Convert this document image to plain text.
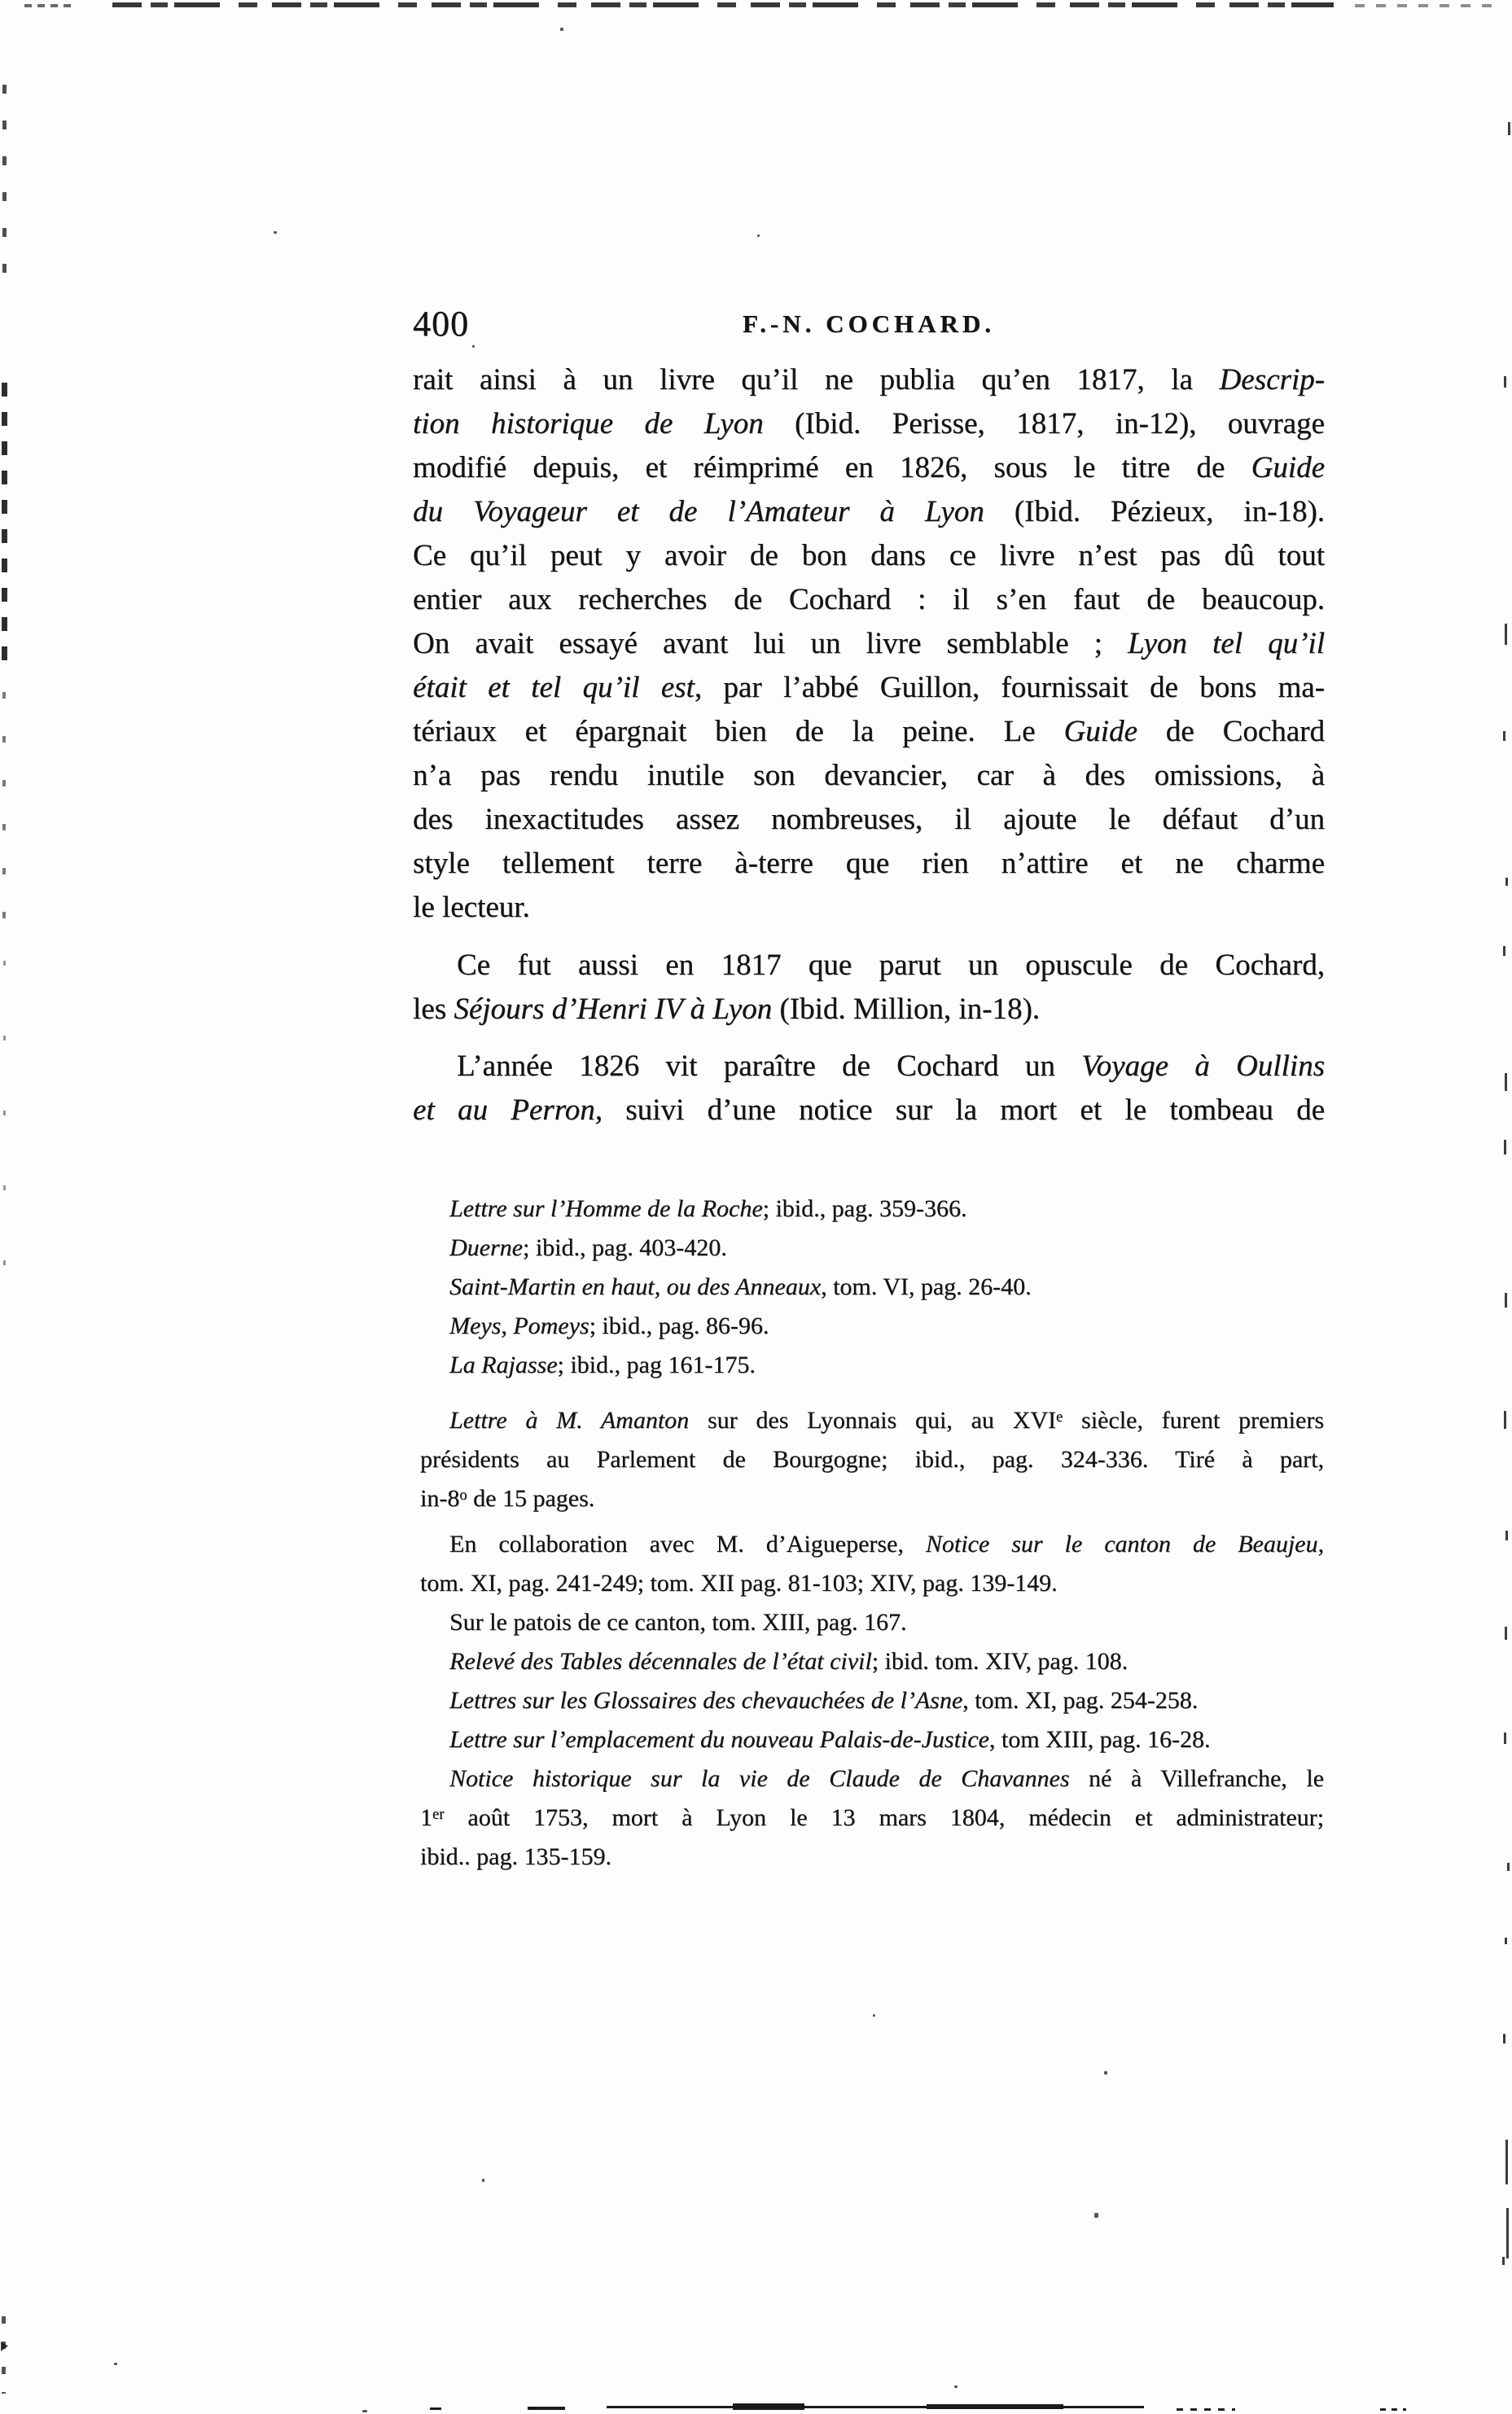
400	F.-N. COCHARD.
rait ainsi à un livre qu’il ne publia qu’en 1817, la Descrip-
tion historique de Lyon (Ibid. Perisse, 1817, in-12), ouvrage
modifié depuis, et réimprimé en 1826, sous le titre de Guide
du Voyageur et de l’Amateur à Lyon (Ibid. Pézieux, in-18).
Ce qu’il peut y avoir de bon dans ce livre n’est pas dû tout
entier aux recherches de Cochard : il s’en faut de beaucoup.
On avait essayé avant lui un livre semblable ; Lyon tel qu’il
était et tel qu’il est, par l’abbé Guillon, fournissait de bons ma-
tériaux et épargnait bien de la peine. Le Guide de Cochard
n’a pas rendu inutile son devancier, car à des omissions, à
des inexactitudes assez nombreuses, il ajoute le défaut d’un
style tellement terre à-terre que rien n’attire et ne charme
le lecteur.
Ce fut aussi en 1817 que parut un opuscule de Cochard,
les Séjours d’Henri IV à Lyon (Ibid. Million, in-18).
L’année 1826 vit paraître de Cochard un Voyage à Oullins
et au Perron, suivi d’une notice sur la mort et le tombeau de
Lettre sur l’Homme de la Roche; ibid., pag. 359-366.
Duerne; ibid., pag. 403-420.
Saint-Martin en haut, ou des Anneaux, tom. VI, pag. 26-40.
Meys, Pomeys; ibid., pag. 86-96.
La Rajasse; ibid., pag 161-175.
Lettre à M. Amanton sur des Lyonnais qui, au XVIe siècle, furent premiers
présidents au Parlement de Bourgogne; ibid., pag. 324-336. Tiré à part,
in-8$^o$ de 15 pages.
En collaboration avec M. d’Aigueperse, Notice sur le canton de Beaujeu,
tom. XI, pag. 241-249; tom. XII pag. 81-103; XIV, pag. 139-149.
Sur le patois de ce canton, tom. XIII, pag. 167.
Relevé des Tables décennales de l’état civil; ibid. tom. XIV, pag. 108.
Lettres sur les Glossaires des chevauchées de l’Asne, tom. XI, pag. 254-258.
Lettre sur l’emplacement du nouveau Palais-de-Justice, tom XIII, pag. 16-28.
Notice historique sur la vie de Claude de Chavannes né à Villefranche, le
1er août 1753, mort à Lyon le 13 mars 1804, médecin et administrateur;
ibid.. pag. 135-159.
